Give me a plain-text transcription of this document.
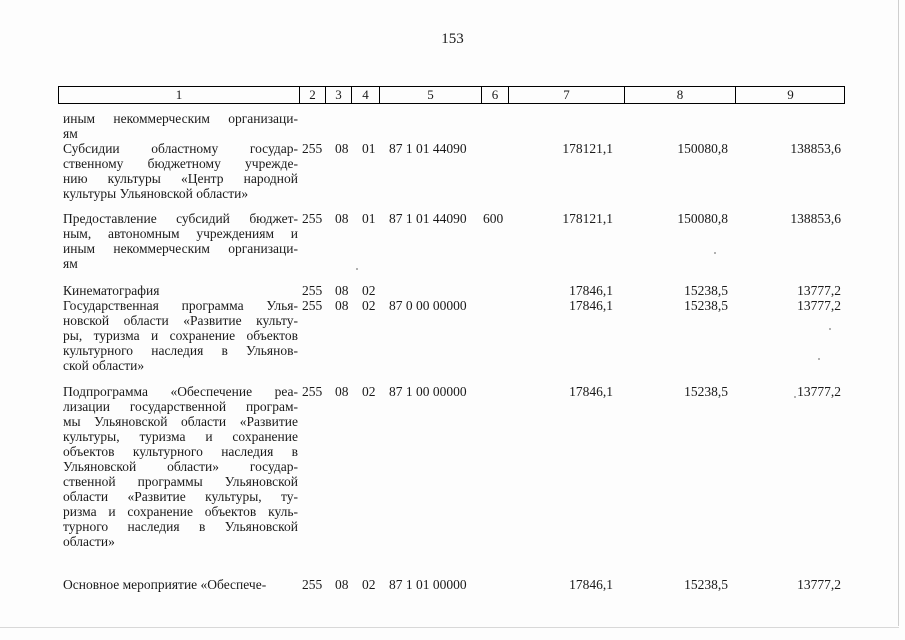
153
1	2	3	4	5	6	7	8	9
иным некоммерческим организаци-
ям
Субсидии областному государ-
ственному бюджетному учрежде-
нию культуры «Центр народной
культуры Ульяновской области»
255 08 01 87 1 01 44090	178121,1	150080,8	138853,6
Предоставление субсидий бюджет-
ным, автономным учреждениям и
иным некоммерческим организаци-
ям
255 08 01 87 1 01 44090 600	178121,1	150080,8	138853,6
Кинематография	255 08 02	17846,1	15238,5	13777,2
Государственная программа Улья-
новской области «Развитие культу-
ры, туризма и сохранение объектов
культурного наследия в Ульянов-
ской области»
255 08 02 87 0 00 00000	17846,1	15238,5	13777,2
Подпрограмма «Обеспечение реа-
лизации государственной програм-
мы Ульяновской области «Развитие
культуры, туризма и сохранение
объектов культурного наследия в
Ульяновской области» государ-
ственной программы Ульяновской
области «Развитие культуры, ту-
ризма и сохранение объектов куль-
турного наследия в Ульяновской
области»
255 08 02 87 1 00 00000	17846,1	15238,5	13777,2
Основное мероприятие «Обеспече-	255 08 02 87 1 01 00000	17846,1	15238,5	13777,2
